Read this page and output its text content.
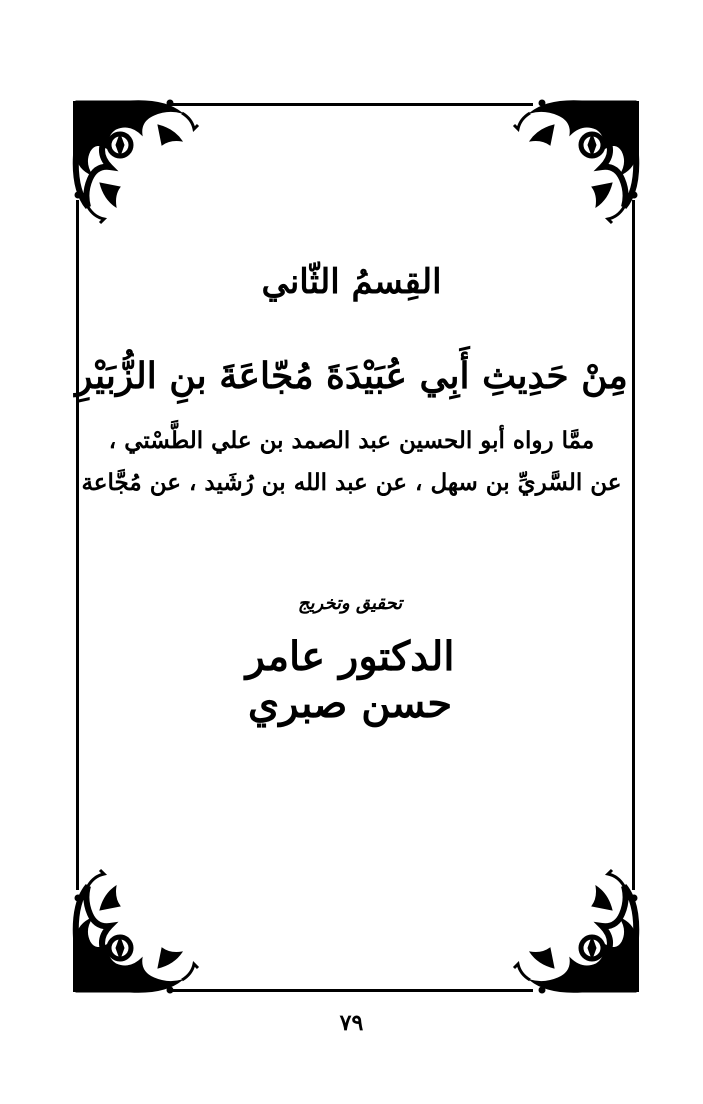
القِسمُ الثّاني
مِنْ حَدِيثِ أَبِي عُبَيْدَةَ مُجّاعَةَ بنِ الزُّبَيْرِ
ممَّا رواه أبو الحسين عبد الصمد بن علي الطَّسْتي ،
عن السَّريِّ بن سهل ، عن عبد الله بن رُشَيد ، عن مُجَّاعة
تحقيق وتخريج
الدكتور عامر حسن صبري
٧٩
